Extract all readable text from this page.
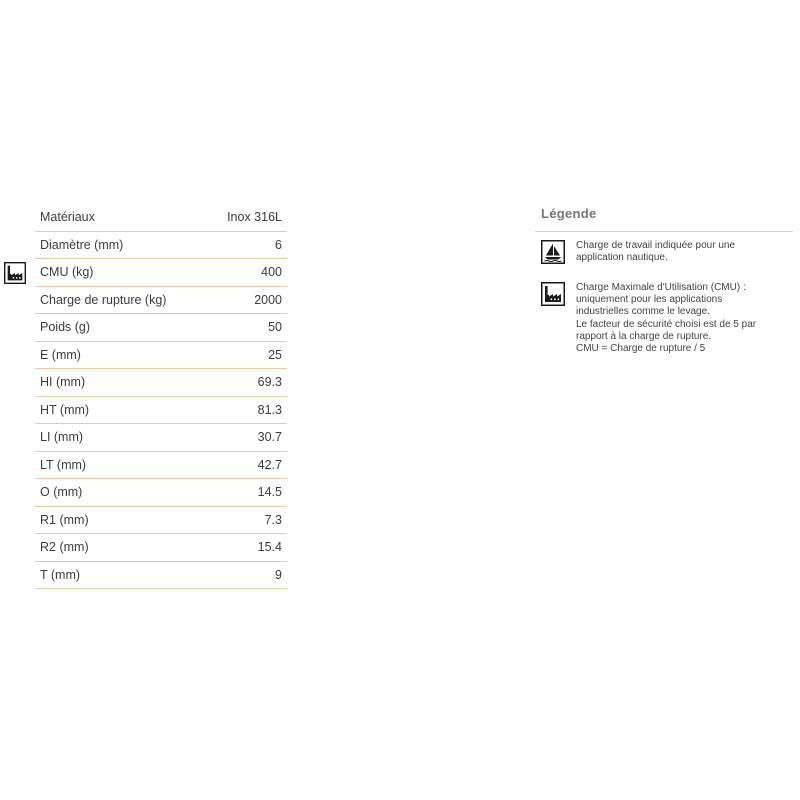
Matériaux	Inox 316L
Diamètre (mm)	6
CMU (kg)	400
Charge de rupture (kg)	2000
Poids (g)	50
E (mm)	25
HI (mm)	69.3
HT (mm)	81.3
LI (mm)	30.7
LT (mm)	42.7
O (mm)	14.5
R1 (mm)	7.3
R2 (mm)	15.4
T (mm)	9
Légende
Charge de travail indiquée pour une
application nautique.
Charge Maximale d'Utilisation (CMU) :
uniquement pour les applications
industrielles comme le levage.
Le facteur de sécurité choisi est de 5 par
rapport à la charge de rupture.
CMU = Charge de rupture / 5
